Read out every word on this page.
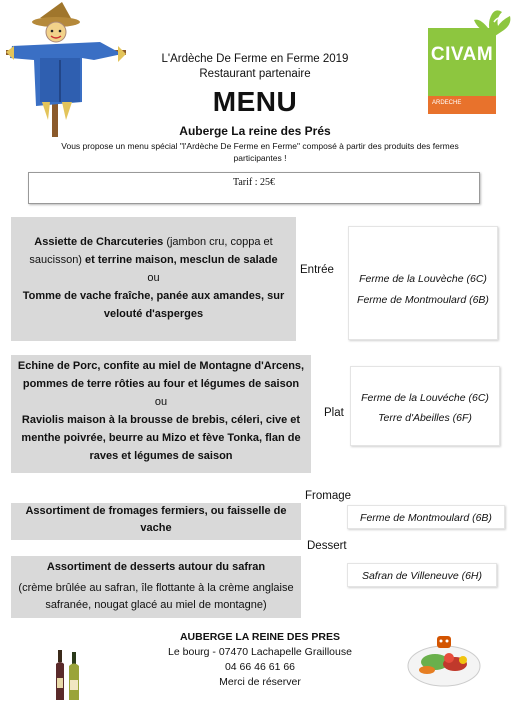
CIVAM
ARDECHE
L'Ardèche De Ferme en Ferme 2019
Restaurant partenaire
MENU
Auberge La reine des Prés
Vous propose un menu spécial "l'Ardèche De Ferme en Ferme" composé à partir des produits des fermes participantes !
Tarif : 25€
Assiette de Charcuteries (jambon cru, coppa et saucisson) et terrine maison, mesclun de salade
ou
Tomme de vache fraîche, panée aux amandes, sur velouté d'asperges
Entrée
Ferme de la Louvèche (6C)
Ferme de Montmoulard (6B)
Echine de Porc, confite au miel de Montagne d'Arcens, pommes de terre rôties au four et légumes de saison
ou
Raviolis maison à la brousse de brebis, céleri, cive et menthe poivrée, beurre au Mizo et fève Tonka, flan de raves et légumes de saison
Plat
Ferme de la Louvéche (6C)
Terre d'Abeilles (6F)
Fromage
Assortiment de fromages fermiers, ou faisselle de vache
Ferme de Montmoulard (6B)
Dessert
Assortiment de desserts autour du safran
(crème brûlée au safran, île flottante à la crème anglaise safranée, nougat glacé au miel de montagne)
Safran de Villeneuve (6H)
AUBERGE LA REINE DES PRES
Le bourg - 07470 Lachapelle Graillouse
04 66 46 61 66
Merci de réserver
